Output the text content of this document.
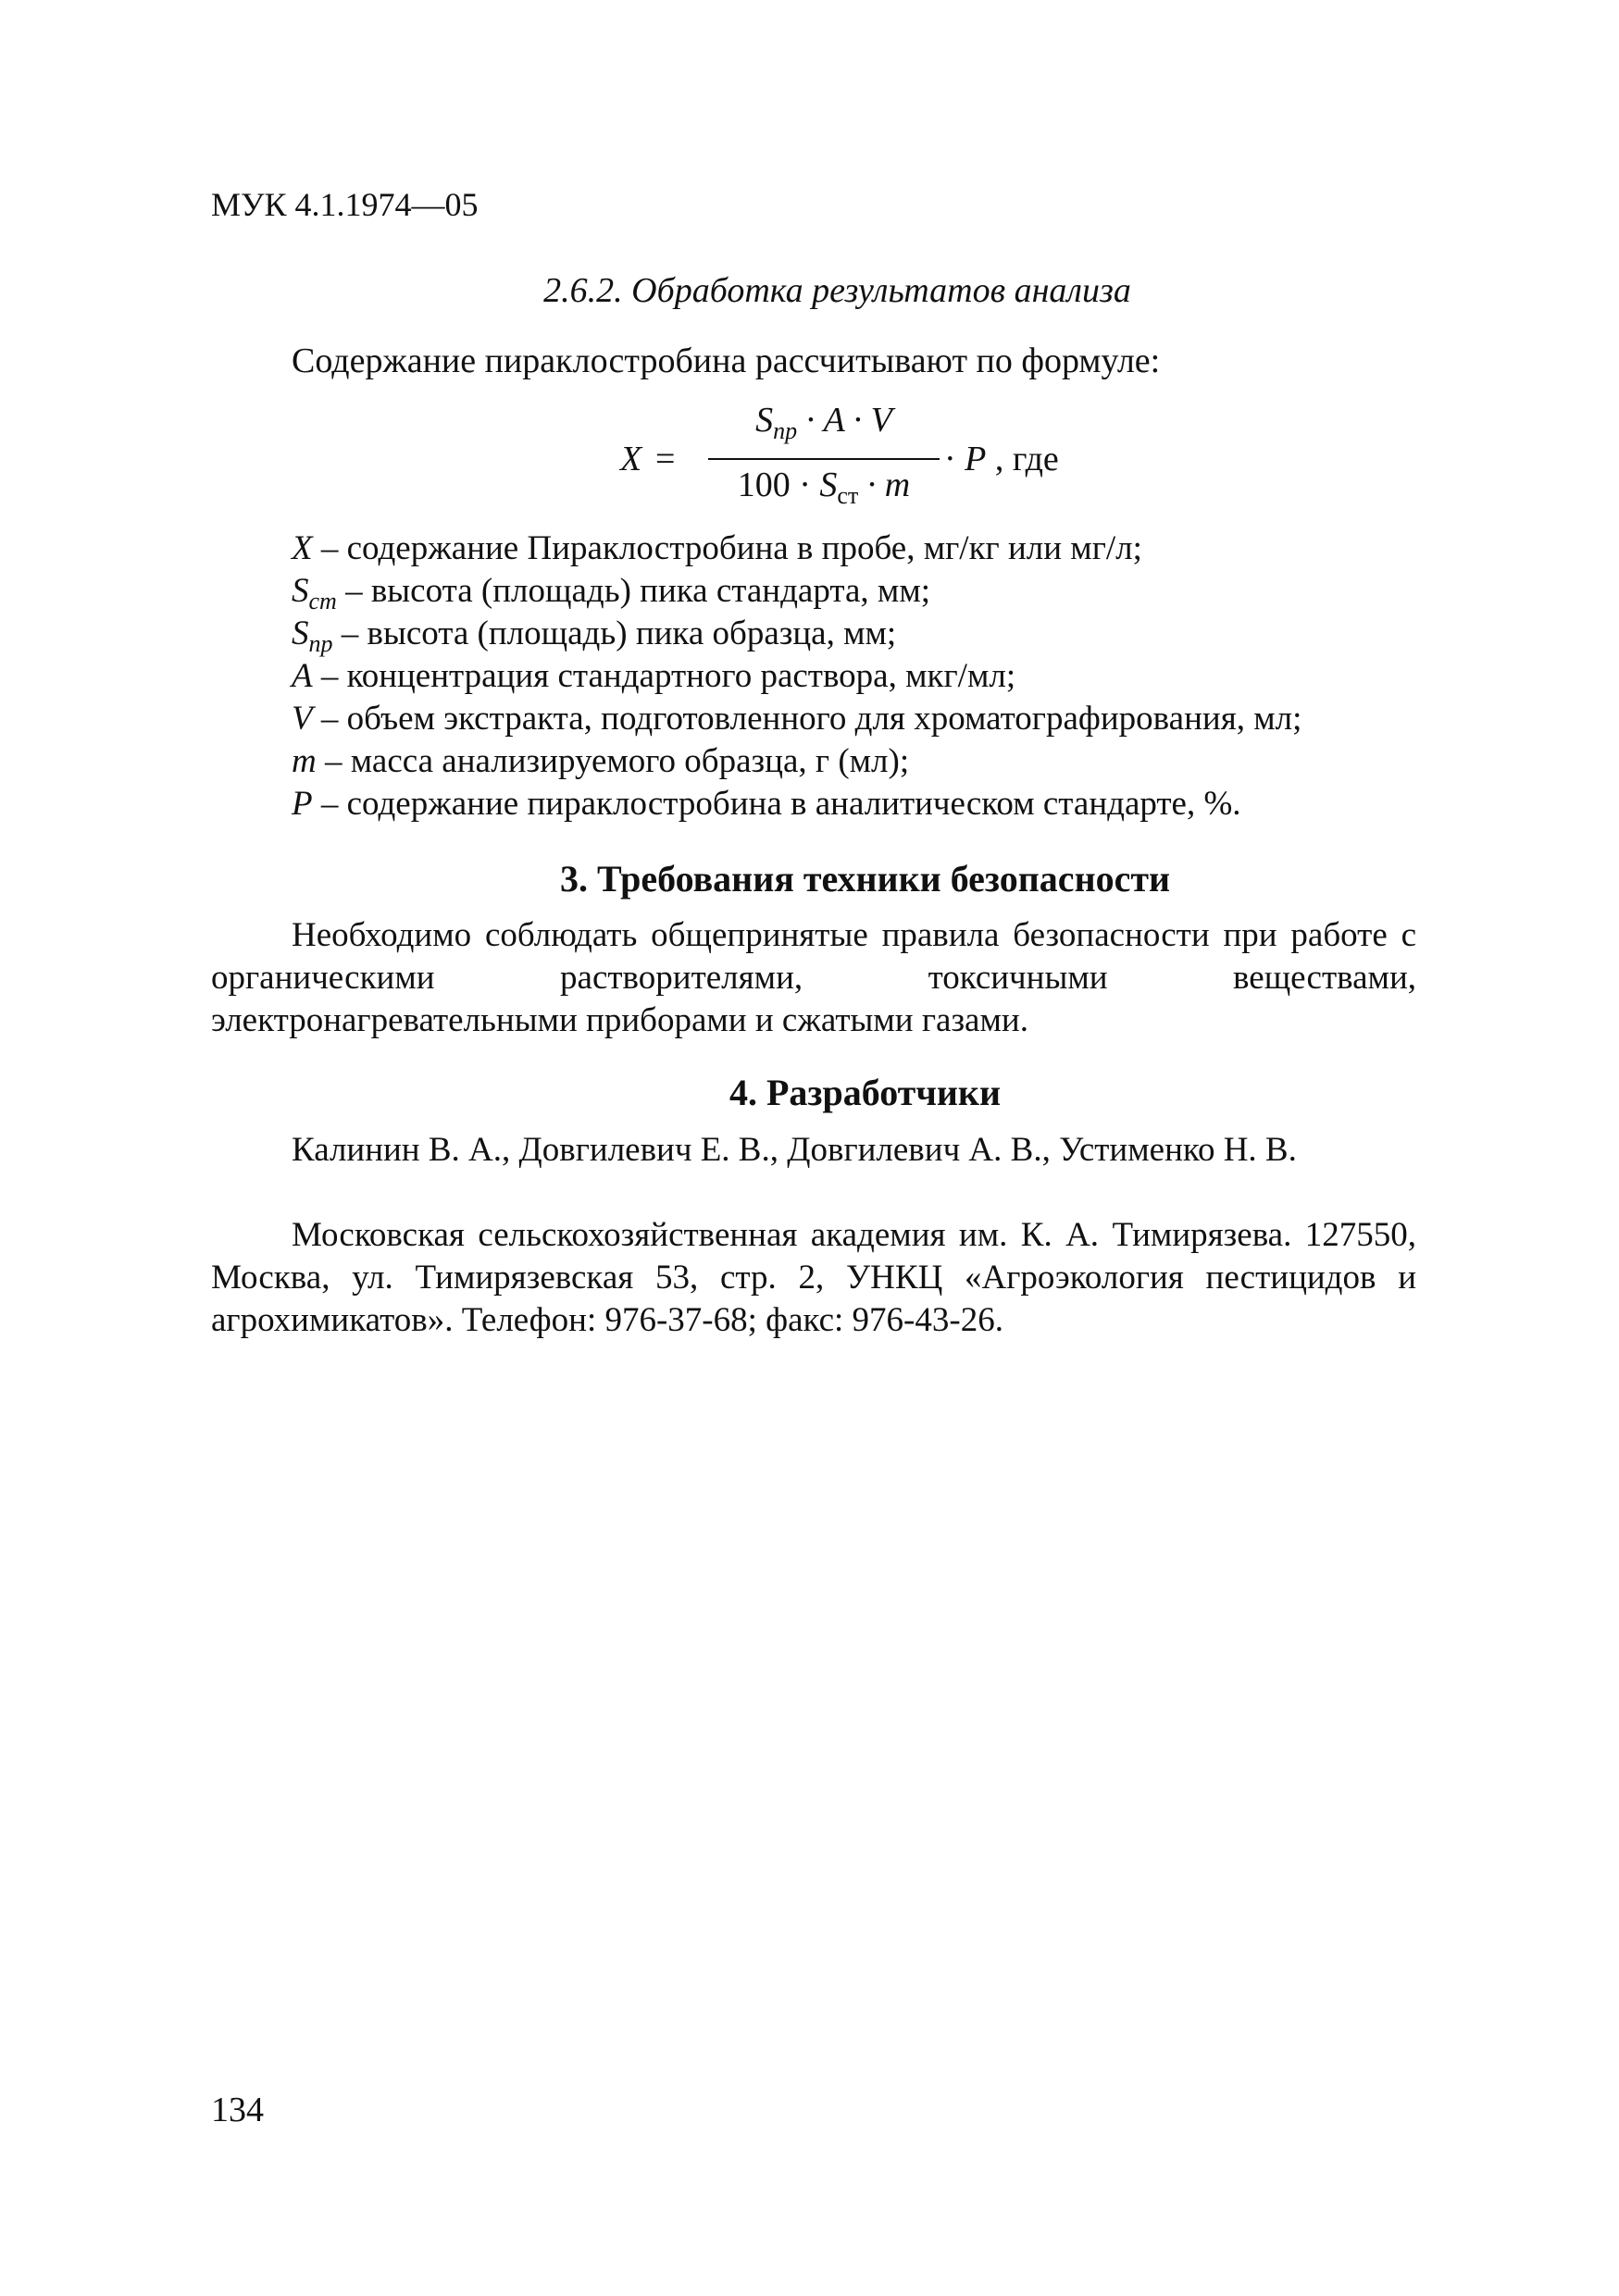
МУК 4.1.1974—05
2.6.2. Обработка результатов анализа
Содержание пираклостробина рассчитывают по формуле:
X =
$S_{пр} \cdot A \cdot V$
$100 \cdot S_{ст} \cdot m$
· P , где
X – содержание Пираклостробина в пробе, мг/кг или мг/л;
$S_{ст}$ – высота (площадь) пика стандарта, мм;
$S_{пр}$ – высота (площадь) пика образца, мм;
A – концентрация стандартного раствора, мкг/мл;
V – объем экстракта, подготовленного для хроматографирования, мл;
m – масса анализируемого образца, г (мл);
P – содержание пираклостробина в аналитическом стандарте, %.
3. Требования техники безопасности
Необходимо соблюдать общепринятые правила безопасности при работе с органическими растворителями, токсичными веществами, электронагревательными приборами и сжатыми газами.
4. Разработчики
Калинин В. А., Довгилевич Е. В., Довгилевич А. В., Устименко Н. В.
Московская сельскохозяйственная академия им. К. А. Тимирязева. 127550, Москва, ул. Тимирязевская 53, стр. 2, УНКЦ «Агроэкология пестицидов и агрохимикатов». Телефон: 976-37-68; факс: 976-43-26.
134
